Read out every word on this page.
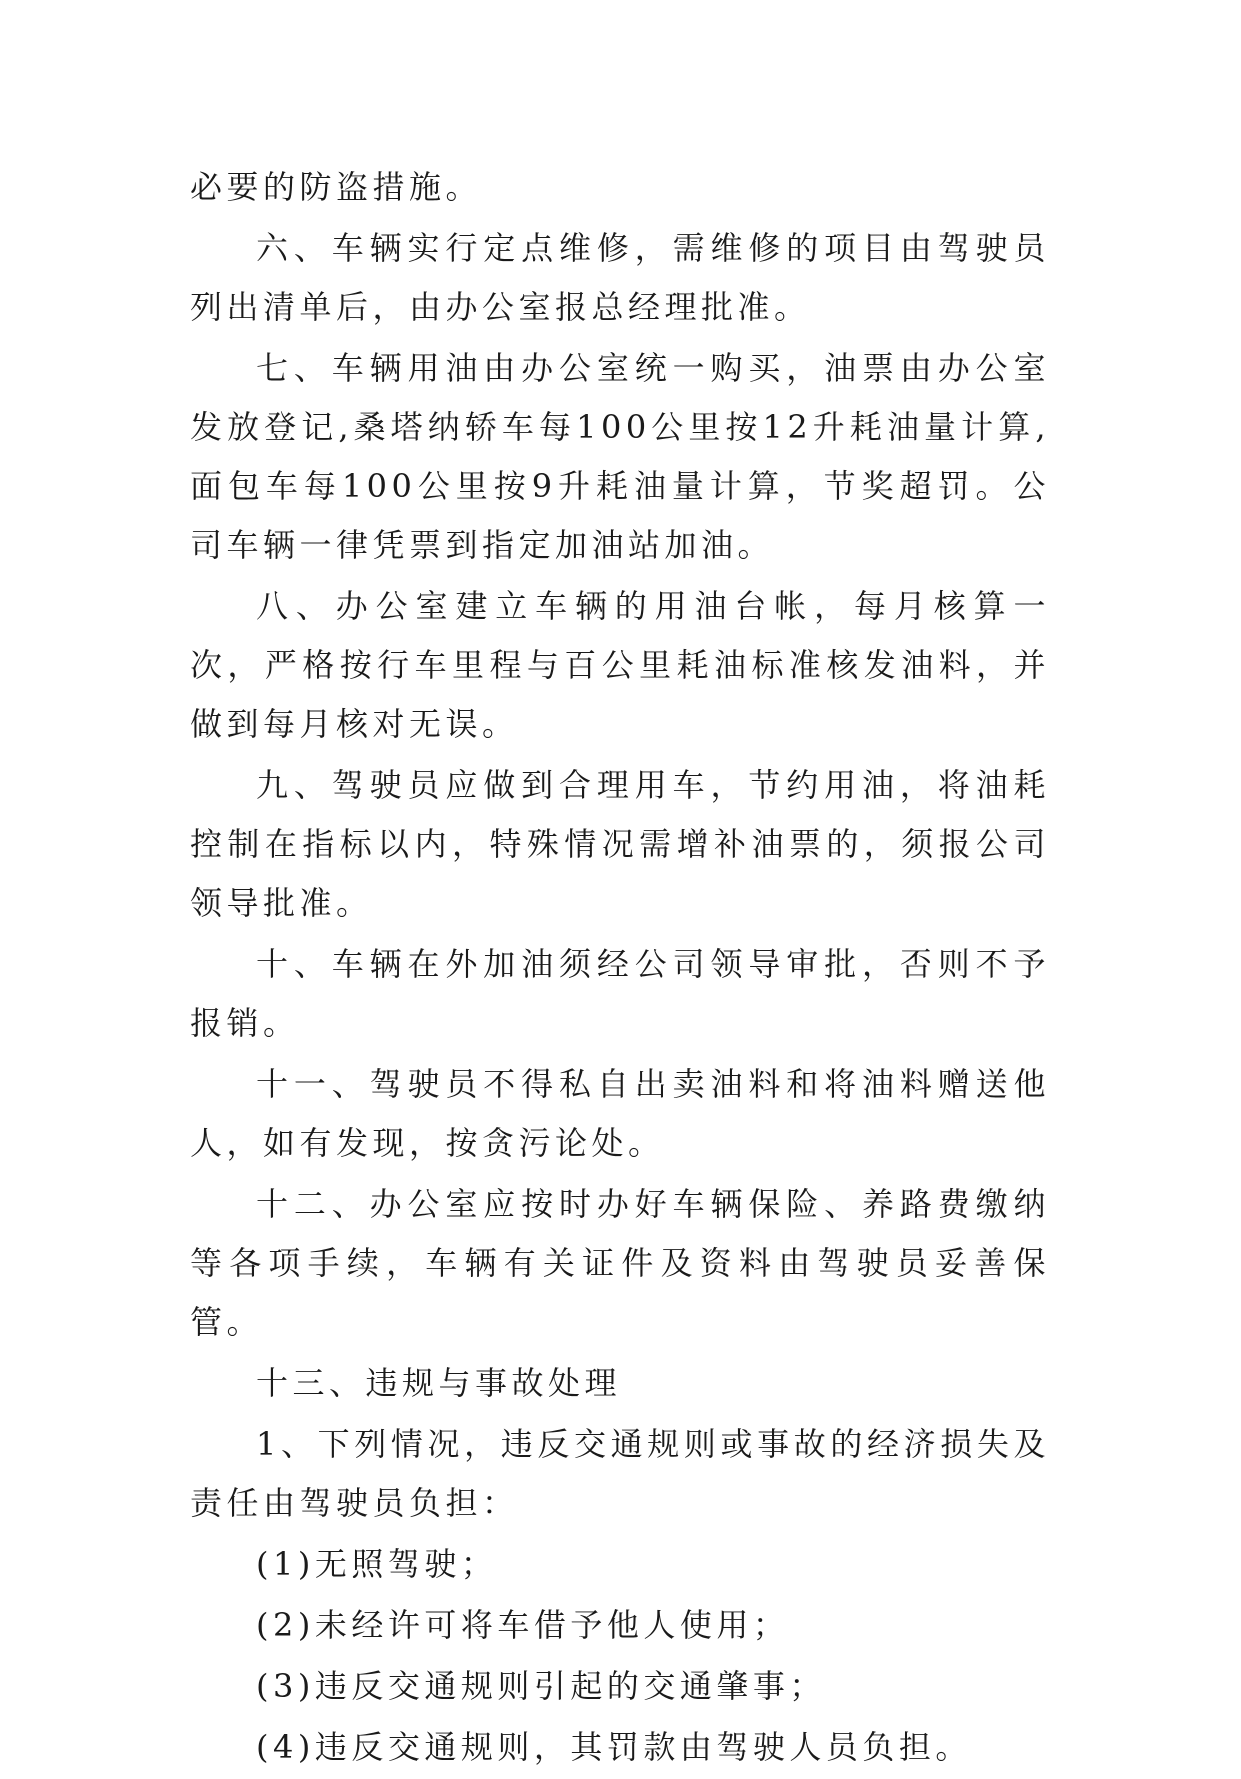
必要的防盗措施。

六、车辆实行定点维修，需维修的项目由驾驶员列出清单后，由办公室报总经理批准。

七、车辆用油由办公室统一购买，油票由办公室发放登记,桑塔纳轿车每100公里按12升耗油量计算,面包车每100公里按9升耗油量计算，节奖超罚。公司车辆一律凭票到指定加油站加油。

八、办公室建立车辆的用油台帐，每月核算一次，严格按行车里程与百公里耗油标准核发油料，并做到每月核对无误。

九、驾驶员应做到合理用车，节约用油，将油耗控制在指标以内，特殊情况需增补油票的，须报公司领导批准。

十、车辆在外加油须经公司领导审批，否则不予报销。

十一、驾驶员不得私自出卖油料和将油料赠送他人，如有发现，按贪污论处。

十二、办公室应按时办好车辆保险、养路费缴纳等各项手续，车辆有关证件及资料由驾驶员妥善保管。

十三、违规与事故处理

1、下列情况，违反交通规则或事故的经济损失及责任由驾驶员负担：

(1)无照驾驶；

(2)未经许可将车借予他人使用；

(3)违反交通规则引起的交通肇事；

(4)违反交通规则，其罚款由驾驶人员负担。
